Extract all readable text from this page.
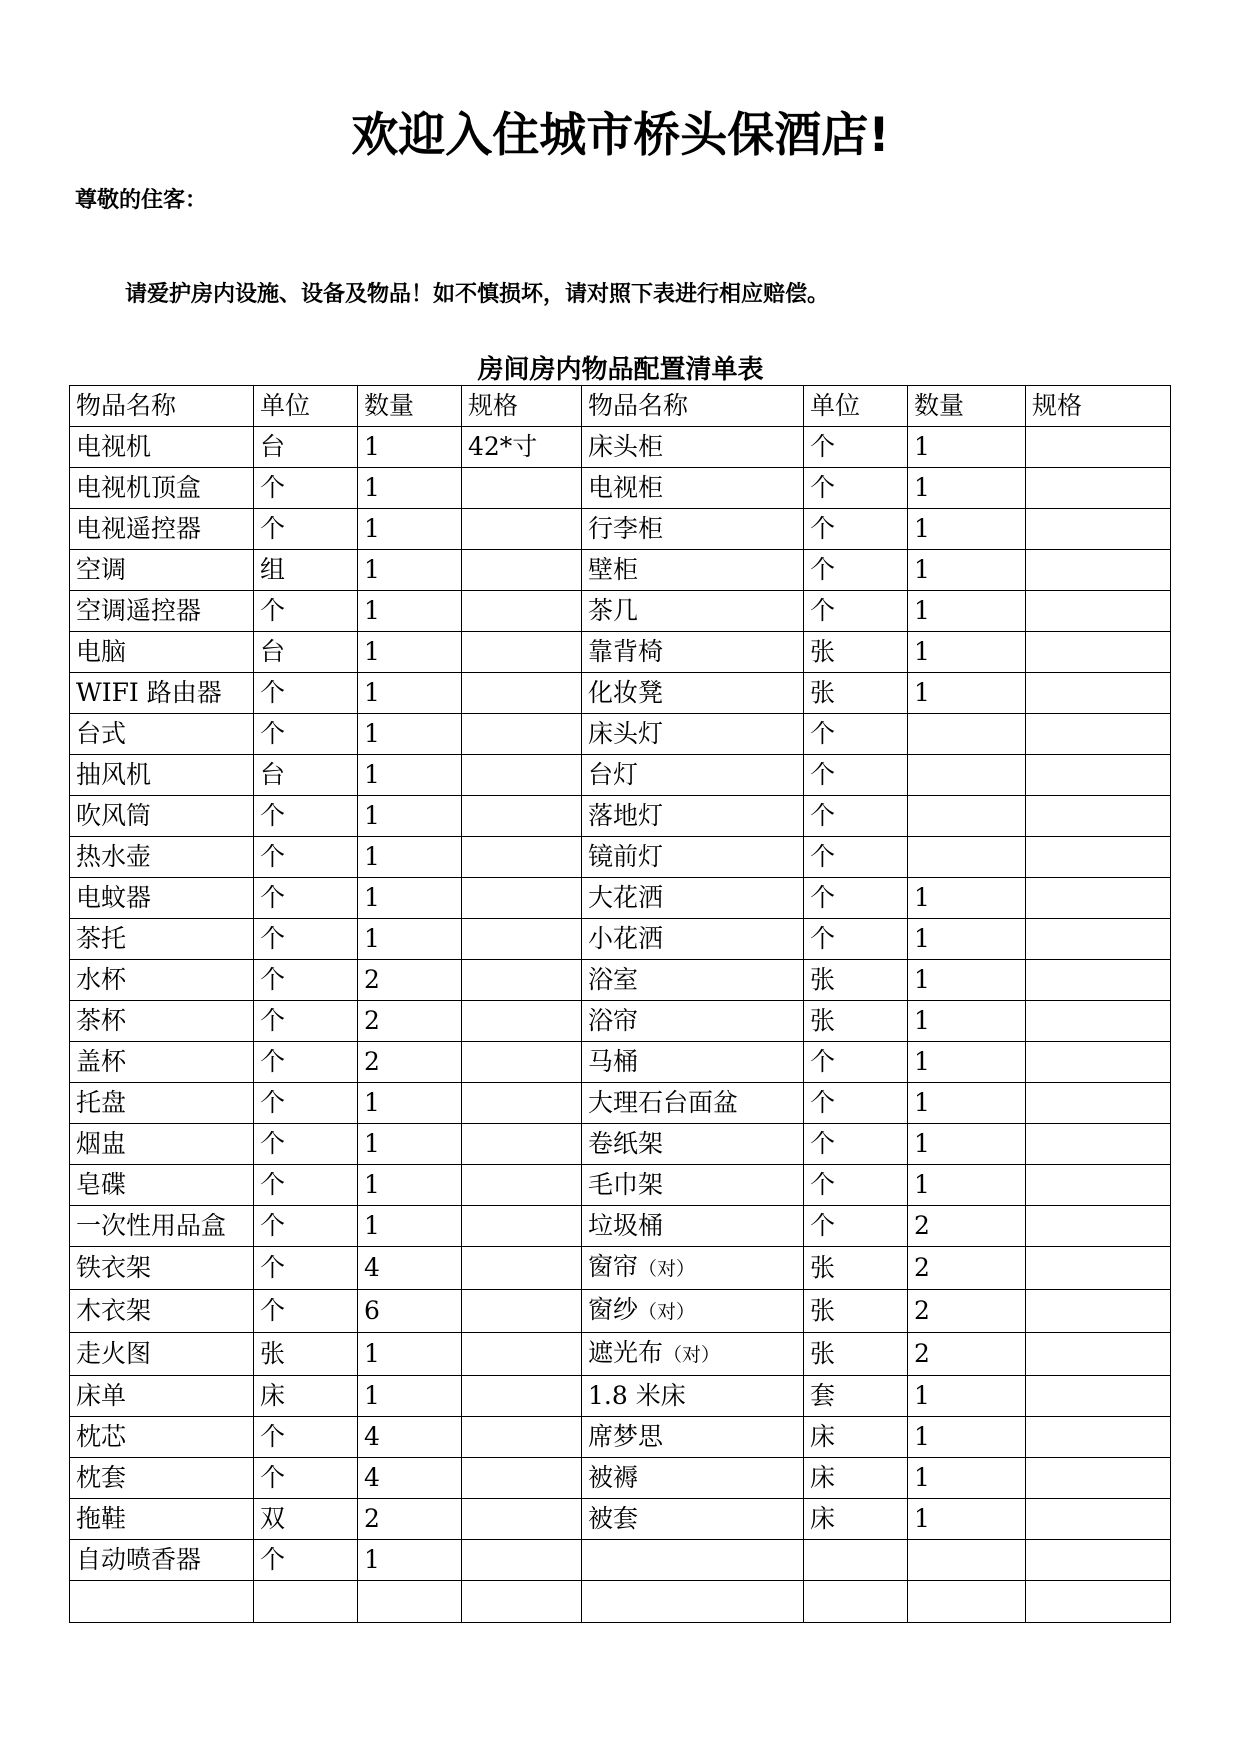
欢迎入住城市桥头保酒店!
尊敬的住客：
请爱护房内设施、设备及物品！如不慎损坏，请对照下表进行相应赔偿。
房间房内物品配置清单表
物品名称	单位	数量	规格	物品名称	单位	数量	规格
电视机	台	1	42*寸	床头柜	个	1	
电视机顶盒	个	1		电视柜	个	1	
电视遥控器	个	1		行李柜	个	1	
空调	组	1		壁柜	个	1	
空调遥控器	个	1		茶几	个	1	
电脑	台	1		靠背椅	张	1	
WIFI 路由器	个	1		化妆凳	张	1	
台式	个	1		床头灯	个		
抽风机	台	1		台灯	个		
吹风筒	个	1		落地灯	个		
热水壶	个	1		镜前灯	个		
电蚊器	个	1		大花洒	个	1	
茶托	个	1		小花洒	个	1	
水杯	个	2		浴室	张	1	
茶杯	个	2		浴帘	张	1	
盖杯	个	2		马桶	个	1	
托盘	个	1		大理石台面盆	个	1	
烟盅	个	1		卷纸架	个	1	
皂碟	个	1		毛巾架	个	1	
一次性用品盒	个	1		垃圾桶	个	2	
铁衣架	个	4		窗帘（对）	张	2	
木衣架	个	6		窗纱（对）	张	2	
走火图	张	1		遮光布（对）	张	2	
床单	床	1		1.8 米床	套	1	
枕芯	个	4		席梦思	床	1	
枕套	个	4		被褥	床	1	
拖鞋	双	2		被套	床	1	
自动喷香器	个	1					
